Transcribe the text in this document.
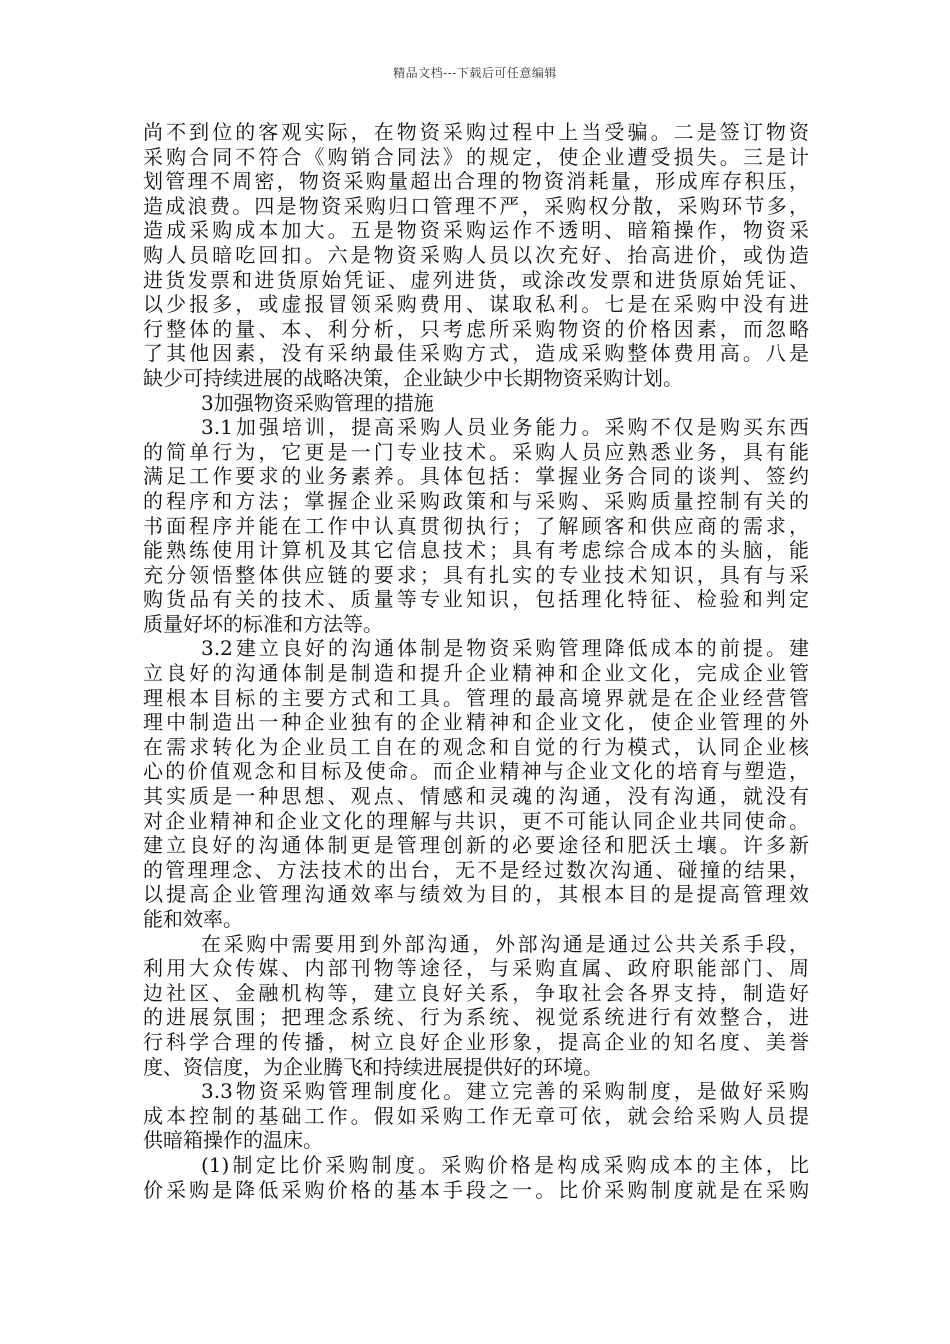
精品文档---下载后可任意编辑
尚不到位的客观实际，在物资采购过程中上当受骗。二是签订物资
采购合同不符合《购销合同法》的规定，使企业遭受损失。三是计
划管理不周密，物资采购量超出合理的物资消耗量，形成库存积压，
造成浪费。四是物资采购归口管理不严，采购权分散，采购环节多，
造成采购成本加大。五是物资采购运作不透明、暗箱操作，物资采
购人员暗吃回扣。六是物资采购人员以次充好、抬高进价，或伪造
进货发票和进货原始凭证、虚列进货，或涂改发票和进货原始凭证、
以少报多，或虚报冒领采购费用、谋取私利。七是在采购中没有进
行整体的量、本、利分析，只考虑所采购物资的价格因素，而忽略
了其他因素，没有采纳最佳采购方式，造成采购整体费用高。八是
缺少可持续进展的战略决策，企业缺少中长期物资采购计划。
3加强物资采购管理的措施
3.1加强培训，提高采购人员业务能力。采购不仅是购买东西
的简单行为，它更是一门专业技术。采购人员应熟悉业务，具有能
满足工作要求的业务素养。具体包括：掌握业务合同的谈判、签约
的程序和方法；掌握企业采购政策和与采购、采购质量控制有关的
书面程序并能在工作中认真贯彻执行；了解顾客和供应商的需求，
能熟练使用计算机及其它信息技术；具有考虑综合成本的头脑，能
充分领悟整体供应链的要求；具有扎实的专业技术知识，具有与采
购货品有关的技术、质量等专业知识，包括理化特征、检验和判定
质量好坏的标准和方法等。
3.2建立良好的沟通体制是物资采购管理降低成本的前提。建
立良好的沟通体制是制造和提升企业精神和企业文化，完成企业管
理根本目标的主要方式和工具。管理的最高境界就是在企业经营管
理中制造出一种企业独有的企业精神和企业文化，使企业管理的外
在需求转化为企业员工自在的观念和自觉的行为模式，认同企业核
心的价值观念和目标及使命。而企业精神与企业文化的培育与塑造，
其实质是一种思想、观点、情感和灵魂的沟通，没有沟通，就没有
对企业精神和企业文化的理解与共识，更不可能认同企业共同使命。
建立良好的沟通体制更是管理创新的必要途径和肥沃土壤。许多新
的管理理念、方法技术的出台，无不是经过数次沟通、碰撞的结果，
以提高企业管理沟通效率与绩效为目的，其根本目的是提高管理效
能和效率。
在采购中需要用到外部沟通，外部沟通是通过公共关系手段，
利用大众传媒、内部刊物等途径，与采购直属、政府职能部门、周
边社区、金融机构等，建立良好关系，争取社会各界支持，制造好
的进展氛围；把理念系统、行为系统、视觉系统进行有效整合，进
行科学合理的传播，树立良好企业形象，提高企业的知名度、美誉
度、资信度，为企业腾飞和持续进展提供好的环境。
3.3物资采购管理制度化。建立完善的采购制度，是做好采购
成本控制的基础工作。假如采购工作无章可依，就会给采购人员提
供暗箱操作的温床。
(1)制定比价采购制度。采购价格是构成采购成本的主体，比
价采购是降低采购价格的基本手段之一。比价采购制度就是在采购
